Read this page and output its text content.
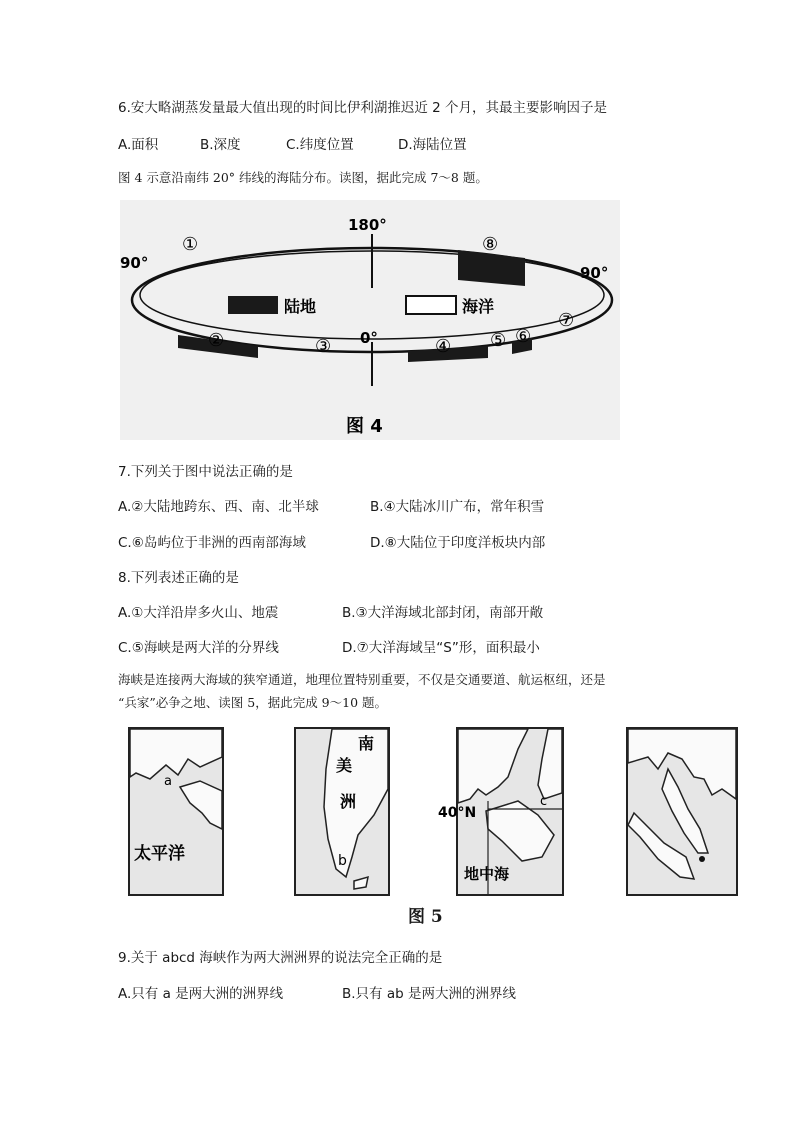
6.安大略湖蒸发量最大值出现的时间比伊利湖推迟近 2 个月，其最主要影响因子是
A.面积	B.深度	C.纬度位置	D.海陆位置
图 4 示意沿南纬 20° 纬线的海陆分布。读图，据此完成 7～8 题。
180°
0°
90°
90°
陆地	海洋
①
②	③	④ ⑤ ⑥
⑦
⑧
图 4
7.下列关于图中说法正确的是
A.②大陆地跨东、西、南、北半球	B.④大陆冰川广布，常年积雪
C.⑥岛屿位于非洲的西南部海域	D.⑧大陆位于印度洋板块内部
8.下列表述正确的是
A.①大洋沿岸多火山、地震	B.③大洋海域北部封闭，南部开敞
C.⑤海峡是两大洋的分界线	D.⑦大洋海域呈“S”形，面积最小
海峡是连接两大海域的狭窄通道，地理位置特别重要，不仅是交通要道、航运枢纽，还是
“兵家”必争之地、读图 5，据此完成 9～10 题。
a
太平洋
南
美
洲
b
40°N
c
地中海
图 5
9.关于 abcd 海峡作为两大洲洲界的说法完全正确的是
A.只有 a 是两大洲的洲界线	B.只有 ab 是两大洲的洲界线
